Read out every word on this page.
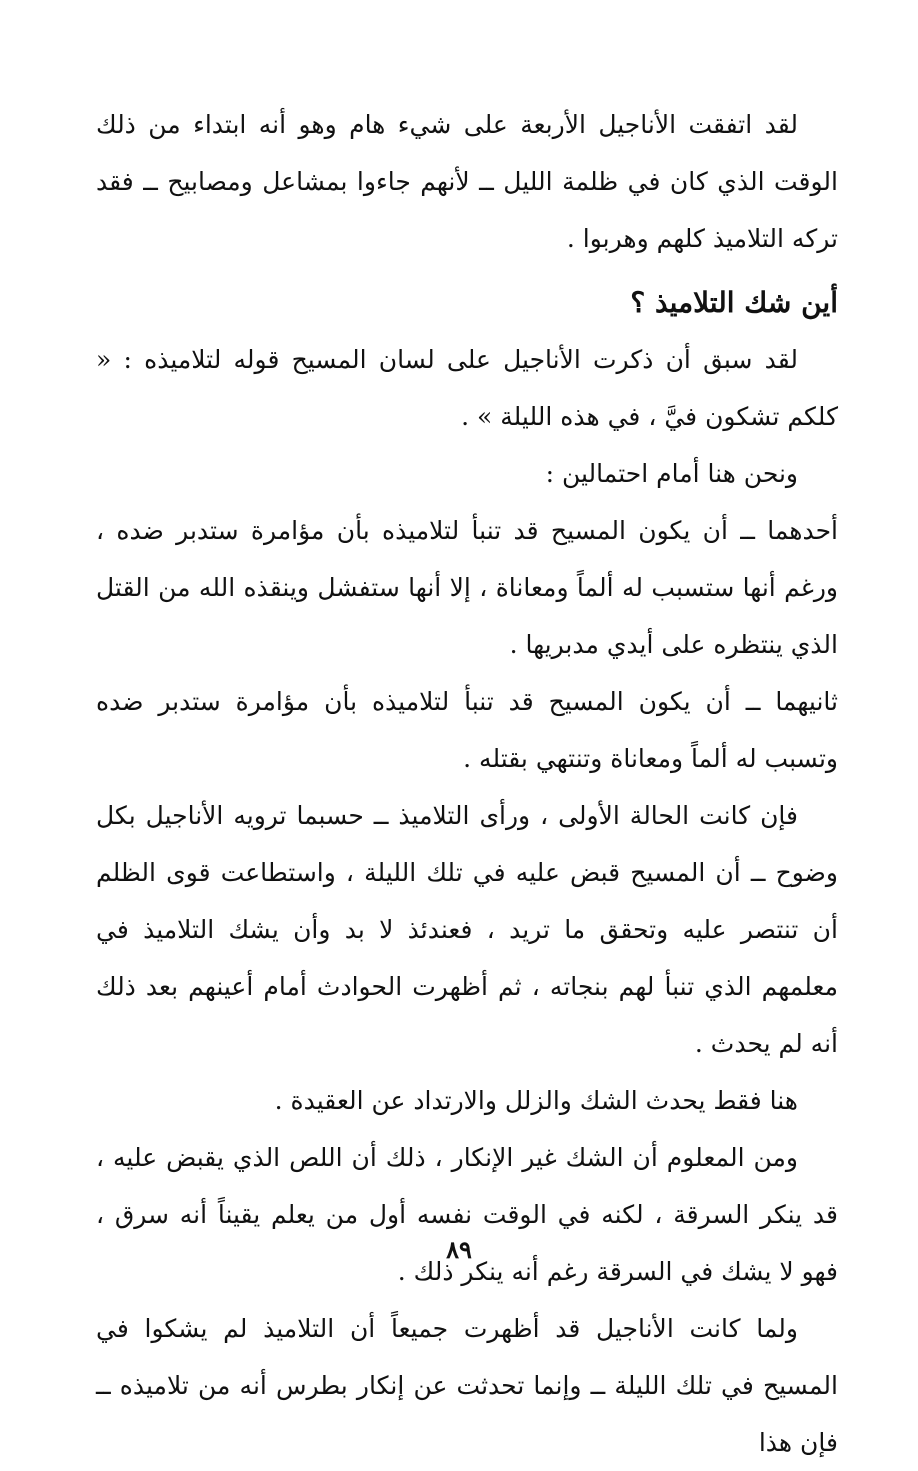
لقد اتفقت الأناجيل الأربعة على شيء هام وهو أنه ابتداء من ذلك الوقت الذي كان في ظلمة الليل ــ لأنهم جاءوا بمشاعل ومصابيح ــ فقد تركه التلاميذ كلهم وهربوا .

أين شك التلاميذ ؟

لقد سبق أن ذكرت الأناجيل على لسان المسيح قوله لتلاميذه : « كلكم تشكون فيَّ ، في هذه الليلة » .

ونحن هنا أمام احتمالين :

أحدهما ــ أن يكون المسيح قد تنبأ لتلاميذه بأن مؤامرة ستدبر ضده ، ورغم أنها ستسبب له ألماً ومعاناة ، إلا أنها ستفشل وينقذه الله من القتل الذي ينتظره على أيدي مدبريها .

ثانيهما ــ أن يكون المسيح قد تنبأ لتلاميذه بأن مؤامرة ستدبر ضده وتسبب له ألماً ومعاناة وتنتهي بقتله .

فإن كانت الحالة الأولى ، ورأى التلاميذ ــ حسبما ترويه الأناجيل بكل وضوح ــ أن المسيح قبض عليه في تلك الليلة ، واستطاعت قوى الظلم أن تنتصر عليه وتحقق ما تريد ، فعندئذ لا بد وأن يشك التلاميذ في معلمهم الذي تنبأ لهم بنجاته ، ثم أظهرت الحوادث أمام أعينهم بعد ذلك أنه لم يحدث .

هنا فقط يحدث الشك والزلل والارتداد عن العقيدة .

ومن المعلوم أن الشك غير الإنكار ، ذلك أن اللص الذي يقبض عليه ، قد ينكر السرقة ، لكنه في الوقت نفسه أول من يعلم يقيناً أنه سرق ، فهو لا يشك في السرقة رغم أنه ينكر ذلك .

ولما كانت الأناجيل قد أظهرت جميعاً أن التلاميذ لم يشكوا في المسيح في تلك الليلة ــ وإنما تحدثت عن إنكار بطرس أنه من تلاميذه ــ فإن هذا

٨٩
